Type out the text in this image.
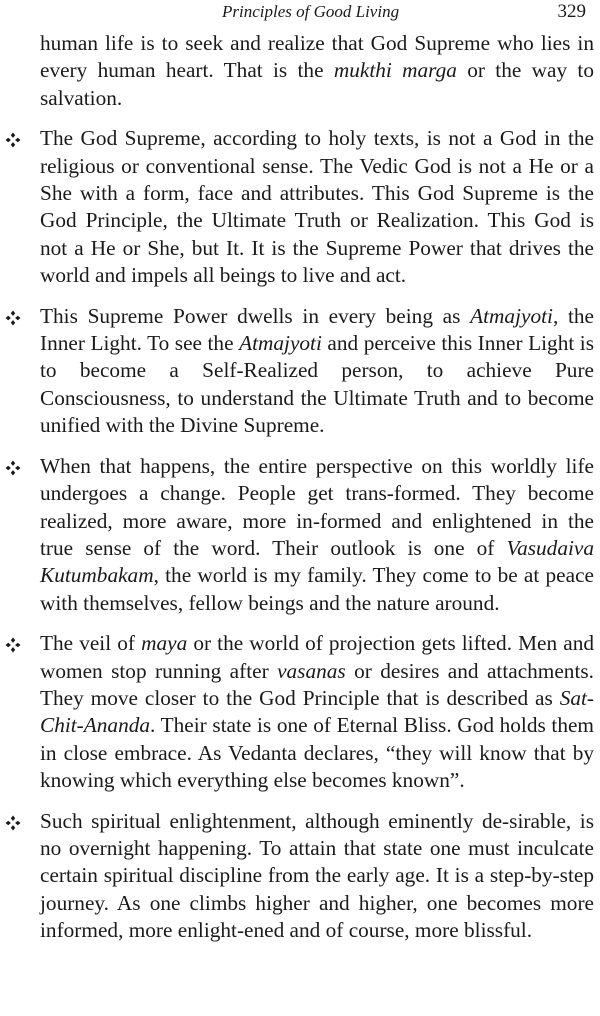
Principles of Good Living	329
human life is to seek and realize that God Supreme who lies in every human heart. That is the mukthi marga or the way to salvation.
The God Supreme, according to holy texts, is not a God in the religious or conventional sense. The Vedic God is not a He or a She with a form, face and attributes. This God Supreme is the God Principle, the Ultimate Truth or Realization. This God is not a He or She, but It. It is the Supreme Power that drives the world and impels all beings to live and act.
This Supreme Power dwells in every being as Atmajyoti, the Inner Light. To see the Atmajyoti and perceive this Inner Light is to become a Self-Realized person, to achieve Pure Consciousness, to understand the Ultimate Truth and to become unified with the Divine Supreme.
When that happens, the entire perspective on this worldly life undergoes a change. People get trans-formed. They become realized, more aware, more in-formed and enlightened in the true sense of the word. Their outlook is one of Vasudaiva Kutumbakam, the world is my family. They come to be at peace with themselves, fellow beings and the nature around.
The veil of maya or the world of projection gets lifted. Men and women stop running after vasanas or desires and attachments. They move closer to the God Principle that is described as Sat-Chit-Ananda. Their state is one of Eternal Bliss. God holds them in close embrace. As Vedanta declares, “they will know that by knowing which everything else becomes known”.
Such spiritual enlightenment, although eminently de-sirable, is no overnight happening. To attain that state one must inculcate certain spiritual discipline from the early age. It is a step-by-step journey. As one climbs higher and higher, one becomes more informed, more enlight-ened and of course, more blissful.
